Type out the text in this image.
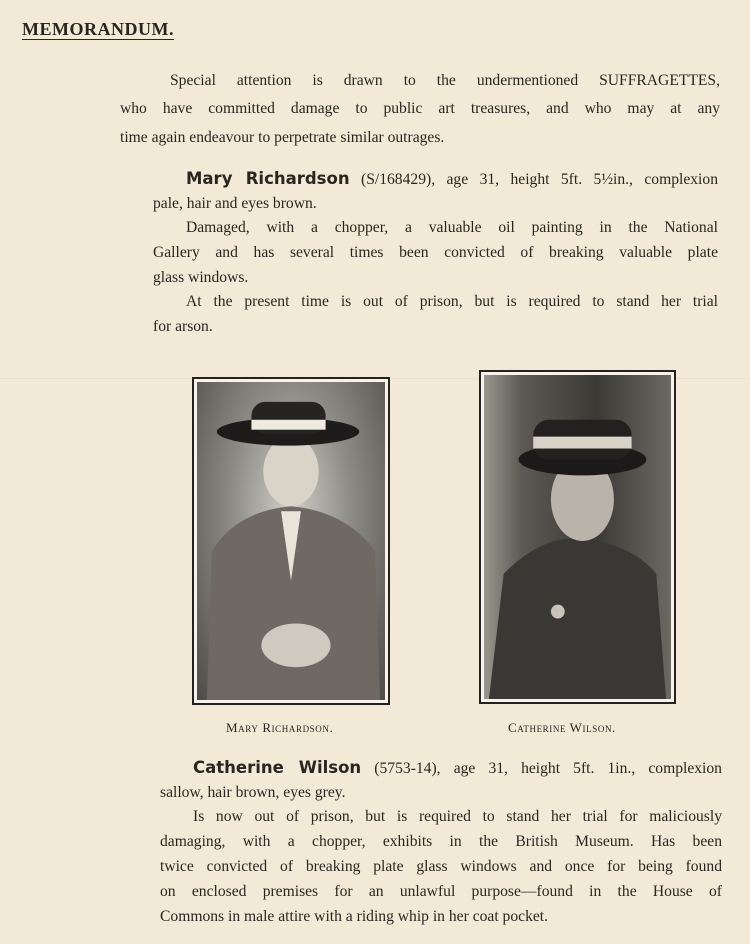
MEMORANDUM.
Special attention is drawn to the undermentioned SUFFRAGETTES,
who have committed damage to public art treasures, and who may at any
time again endeavour to perpetrate similar outrages.
Mary Richardson (S/168429), age 31, height 5ft. 5½in., complexion
pale, hair and eyes brown.
Damaged, with a chopper, a valuable oil painting in the National
Gallery and has several times been convicted of breaking valuable plate
glass windows.
At the present time is out of prison, but is required to stand her trial
for arson.
Mary Richardson.	Catherine Wilson.
Catherine Wilson (5753-14), age 31, height 5ft. 1in., complexion
sallow, hair brown, eyes grey.
Is now out of prison, but is required to stand her trial for maliciously
damaging, with a chopper, exhibits in the British Museum. Has been
twice convicted of breaking plate glass windows and once for being found
on enclosed premises for an unlawful purpose—found in the House of
Commons in male attire with a riding whip in her coat pocket.
